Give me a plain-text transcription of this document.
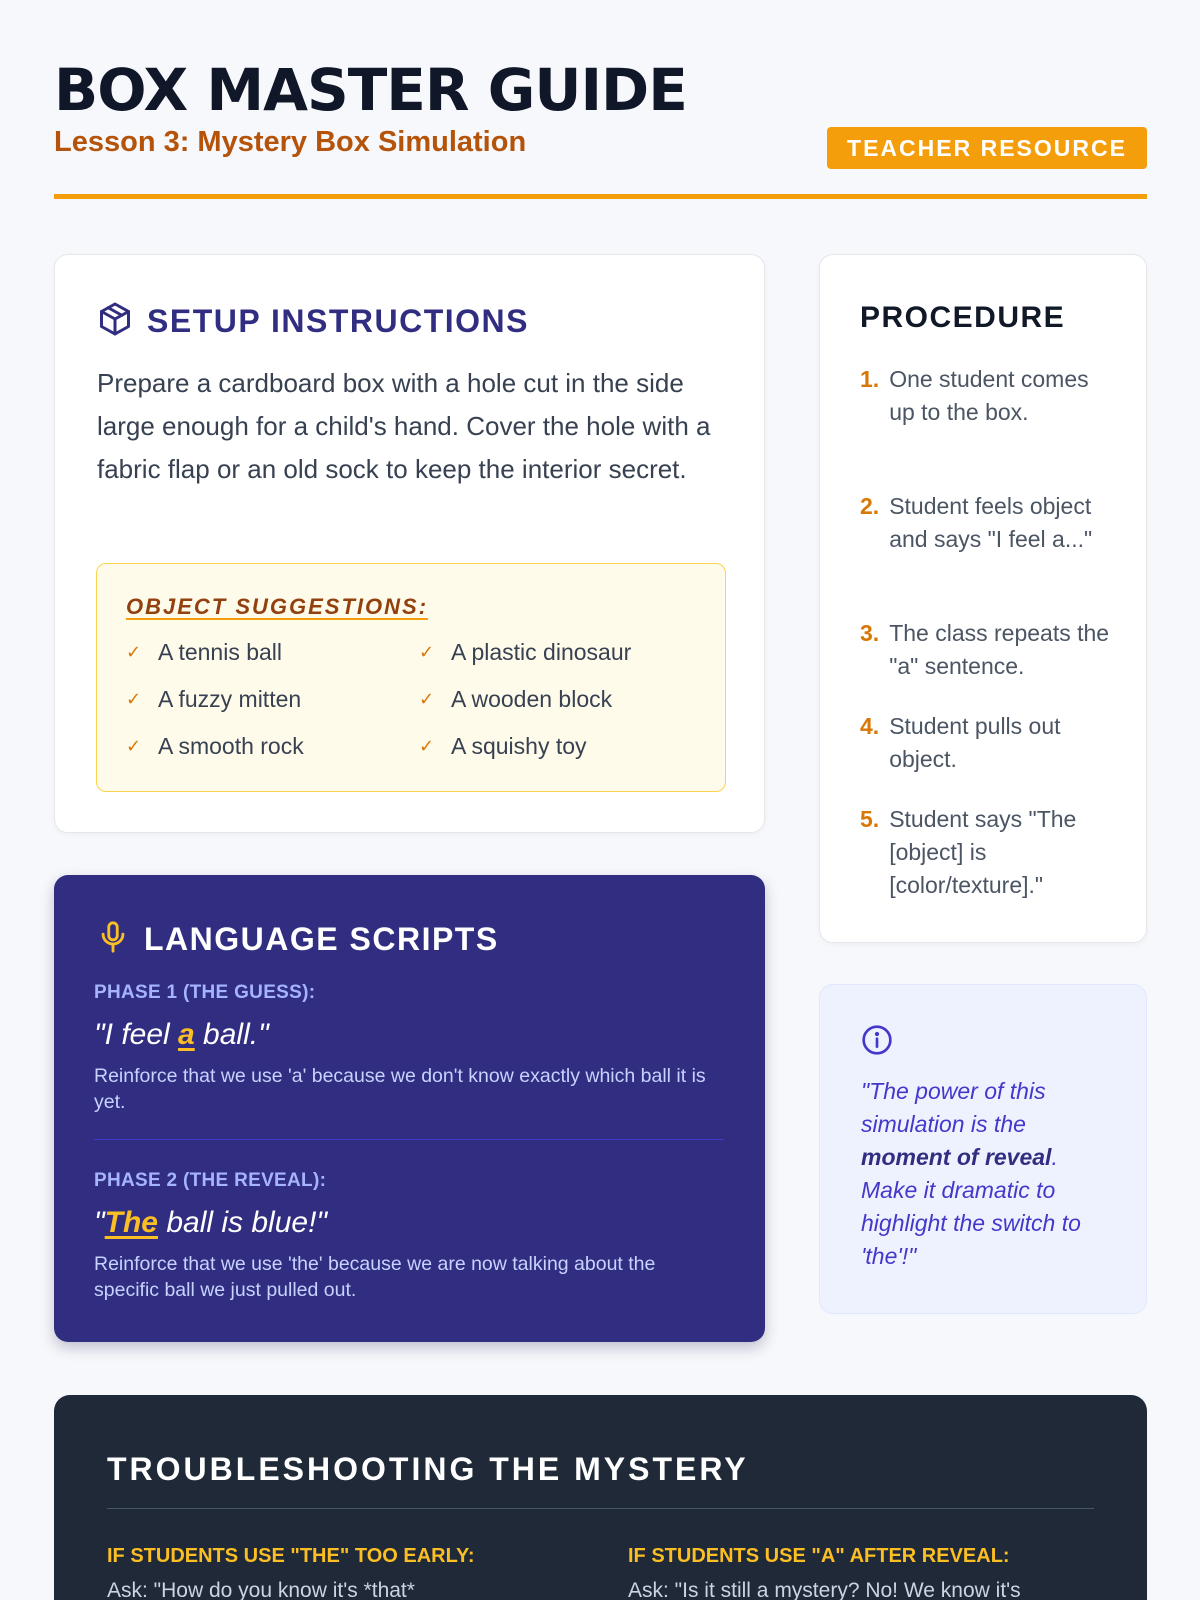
BOX MASTER GUIDE
Lesson 3: Mystery Box Simulation	TEACHER RESOURCE
SETUP INSTRUCTIONS

Prepare a cardboard box with a hole cut in the side large enough for a child's hand. Cover the hole with a fabric flap or an old sock to keep the interior secret.

OBJECT SUGGESTIONS:
✓ A tennis ball	✓ A plastic dinosaur
✓ A fuzzy mitten	✓ A wooden block
✓ A smooth rock	✓ A squishy toy
PROCEDURE
1. One student comes up to the box.
2. Student feels object and says "I feel a..."
3. The class repeats the "a" sentence.
4. Student pulls out object.
5. Student says "The [object] is [color/texture]."
LANGUAGE SCRIPTS
PHASE 1 (THE GUESS):
"I feel a ball."
Reinforce that we use 'a' because we don't know exactly which ball it is yet.
PHASE 2 (THE REVEAL):
"The ball is blue!"
Reinforce that we use 'the' because we are now talking about the specific ball we just pulled out.

"The power of this simulation is the moment of reveal. Make it dramatic to highlight the switch to 'the'!"

TROUBLESHOOTING THE MYSTERY
IF STUDENTS USE "THE" TOO EARLY:
Ask: "How do you know it's *that*
IF STUDENTS USE "A" AFTER REVEAL:
Ask: "Is it still a mystery? No! We know it's
